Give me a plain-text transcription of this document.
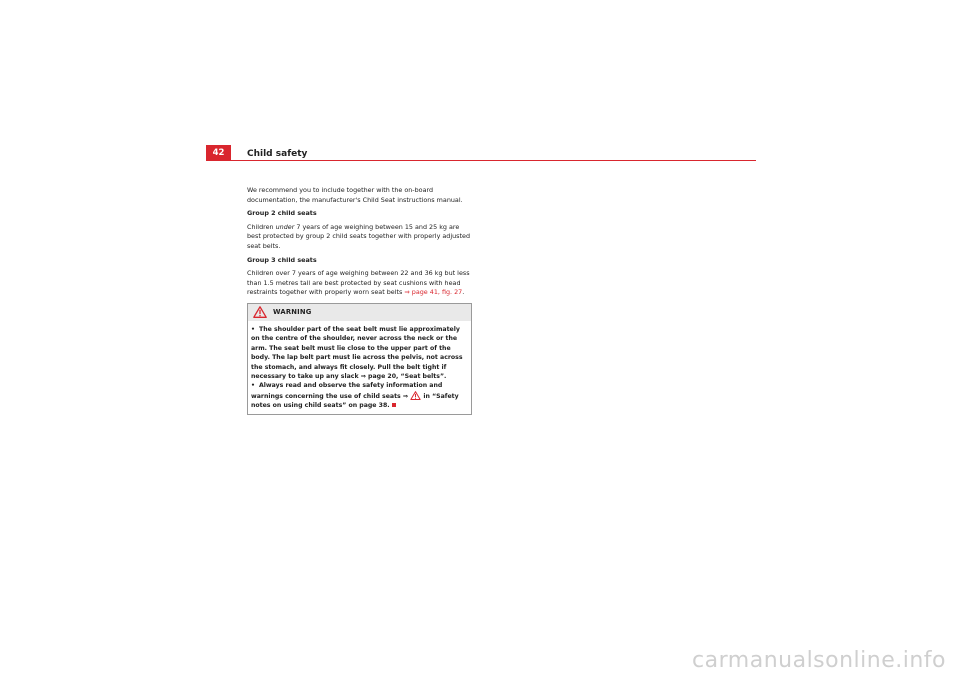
42	Child safety

We recommend you to include together with the on-board documentation, the manufacturer's Child Seat instructions manual.

Group 2 child seats

Children under 7 years of age weighing between 15 and 25 kg are best protected by group 2 child seats together with properly adjusted seat belts.

Group 3 child seats

Children over 7 years of age weighing between 22 and 36 kg but less than 1.5 metres tall are best protected by seat cushions with head restraints together with properly worn seat belts ⇒ page 41, fig. 27.

WARNING

• The shoulder part of the seat belt must lie approximately on the centre of the shoulder, never across the neck or the arm. The seat belt must lie close to the upper part of the body. The lap belt part must lie across the pelvis, not across the stomach, and always fit closely. Pull the belt tight if necessary to take up any slack ⇒ page 20, “Seat belts”.

• Always read and observe the safety information and warnings concerning the use of child seats ⇒  in “Safety notes on using child seats” on page 38.

carmanualsonline.info
